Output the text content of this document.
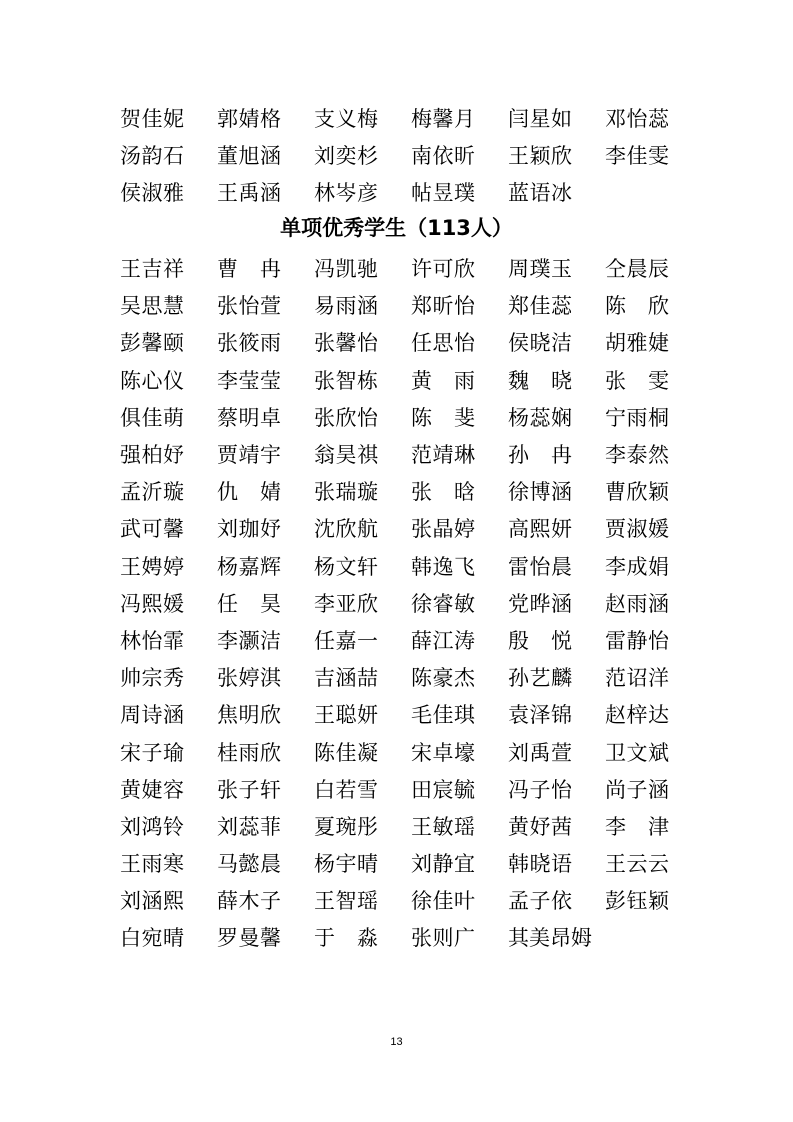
贺佳妮 郭婧格 支义梅 梅馨月 闫星如 邓怡蕊
汤韵石 董旭涵 刘奕杉 南依昕 王颖欣 李佳雯
侯淑雅 王禹涵 林岑彦 帖昱璞 蓝语冰
单项优秀学生（113人）
王吉祥 曹冉 冯凯驰 许可欣 周璞玉 仝晨辰
吴思慧 张怡萱 易雨涵 郑昕怡 郑佳蕊 陈欣
彭馨颐 张筱雨 张馨怡 任思怡 侯晓洁 胡雅婕
陈心仪 李莹莹 张智栋 黄雨 魏晓 张雯
俱佳萌 蔡明卓 张欣怡 陈斐 杨蕊娴 宁雨桐
强柏妤 贾靖宇 翁昊祺 范靖琳 孙冉 李泰然
孟沂璇 仇婧 张瑞璇 张晗 徐博涵 曹欣颖
武可馨 刘珈妤 沈欣航 张晶婷 高熙妍 贾淑媛
王娉婷 杨嘉辉 杨文轩 韩逸飞 雷怡晨 李成娟
冯熙媛 任昊 李亚欣 徐睿敏 党晔涵 赵雨涵
林怡霏 李灏洁 任嘉一 薛江涛 殷悦 雷静怡
帅宗秀 张婷淇 吉涵喆 陈豪杰 孙艺麟 范诏洋
周诗涵 焦明欣 王聪妍 毛佳琪 袁泽锦 赵梓达
宋子瑜 桂雨欣 陈佳凝 宋卓壕 刘禹萱 卫文斌
黄婕容 张子轩 白若雪 田宸毓 冯子怡 尚子涵
刘鸿铃 刘蕊菲 夏琬彤 王敏瑶 黄妤茜 李津
王雨寒 马懿晨 杨宇晴 刘静宜 韩晓语 王云云
刘涵熙 薛木子 王智瑶 徐佳叶 孟子依 彭钰颖
白宛晴 罗曼馨 于淼 张则广 其美昂姆
13
